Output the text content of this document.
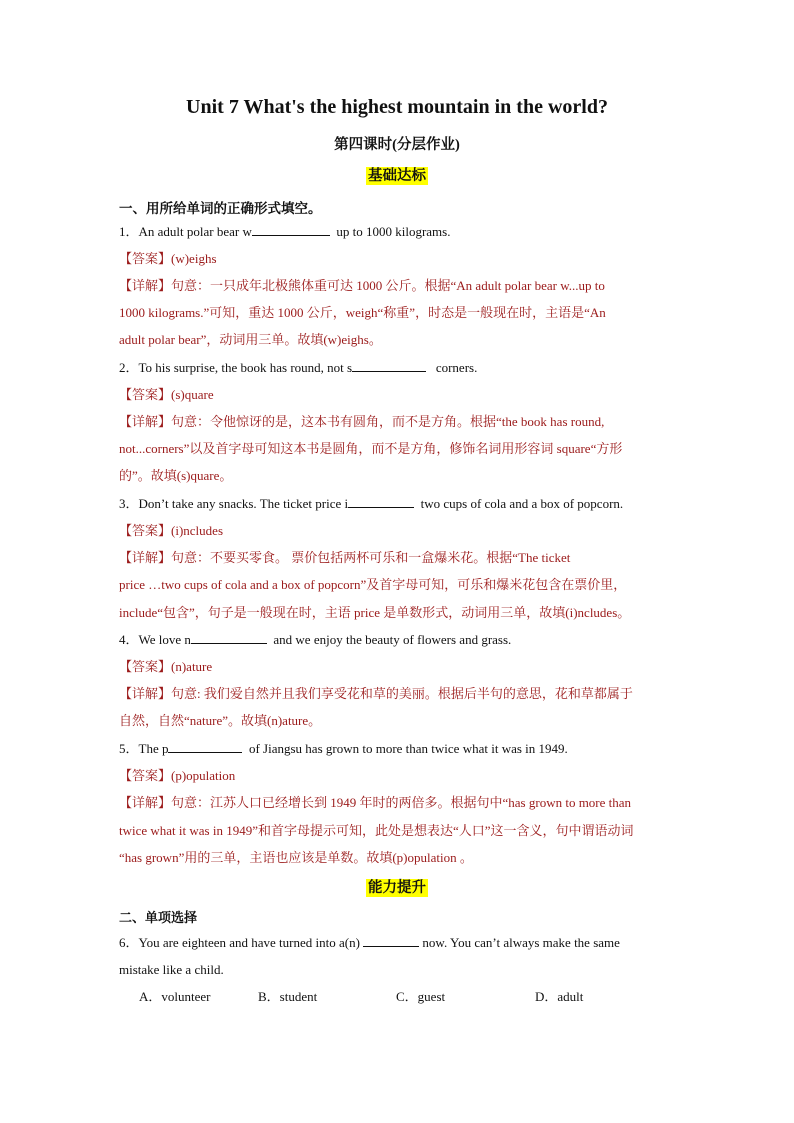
Unit 7 What's the highest mountain in the world?
第四课时(分层作业)
基础达标
一、用所给单词的正确形式填空。
1．An adult polar bear w	up to 1000 kilograms.
【答案】(w)eighs
【详解】句意：一只成年北极熊体重可达 1000 公斤。根据“An adult polar bear w...up to
1000 kilograms.”可知，重达 1000 公斤，weigh“称重”，时态是一般现在时，主语是“An
adult polar bear”，动词用三单。故填(w)eighs。
2．To his surprise, the book has round, not s	corners.
【答案】(s)quare
【详解】句意：令他惊讶的是，这本书有圆角，而不是方角。根据“the book has round,
not...corners”以及首字母可知这本书是圆角，而不是方角，修饰名词用形容词 square“方形
的”。故填(s)quare。
3．Don’t take any snacks. The ticket price i	two cups of cola and a box of popcorn.
【答案】(i)ncludes
【详解】句意：不要买零食。 票价包括两杯可乐和一盒爆米花。根据“The ticket
price …two cups of cola and a box of popcorn”及首字母可知，可乐和爆米花包含在票价里，
include“包含”，句子是一般现在时，主语 price 是单数形式，动词用三单，故填(i)ncludes。
4．We love n	and we enjoy the beauty of flowers and grass.
【答案】(n)ature
【详解】句意: 我们爱自然并且我们享受花和草的美丽。根据后半句的意思，花和草都属于
自然，自然“nature”。故填(n)ature。
5．The p	of Jiangsu has grown to more than twice what it was in 1949.
【答案】(p)opulation
【详解】句意：江苏人口已经增长到 1949 年时的两倍多。根据句中“has grown to more than
twice what it was in 1949”和首字母提示可知，此处是想表达“人口”这一含义，句中谓语动词
“has grown”用的三单，主语也应该是单数。故填(p)opulation 。
能力提升
二、单项选择
6．You are eighteen and have turned into a(n)	now. You can’t always make the same
mistake like a child.
A．volunteer	B．student	C．guest	D．adult
